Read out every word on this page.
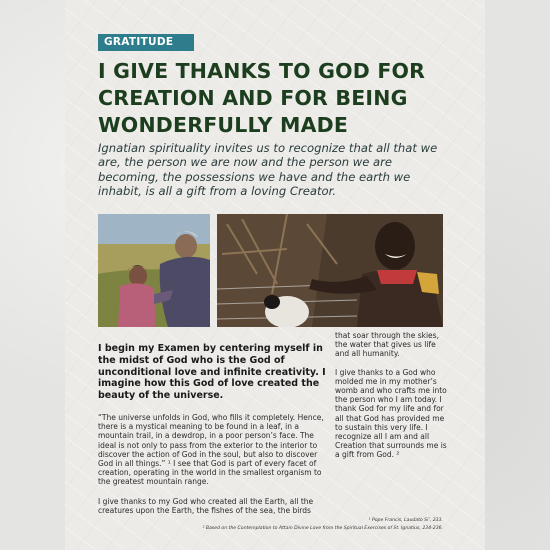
GRATITUDE
I GIVE THANKS TO GOD FOR CREATION AND FOR BEING WONDERFULLY MADE

Ignatian spirituality invites us to recognize that all that we are, the person we are now and the person we are becoming, the possessions we have and the earth we inhabit, is all a gift from a loving Creator.

I begin my Examen by centering myself in the midst of God who is the God of unconditional love and infinite creativity. I imagine how this God of love created the beauty of the universe.

“The universe unfolds in God, who fills it completely. Hence, there is a mystical meaning to be found in a leaf, in a mountain trail, in a dewdrop, in a poor person’s face. The ideal is not only to pass from the exterior to the interior to discover the action of God in the soul, but also to discover God in all things.” ¹ I see that God is part of every facet of creation, operating in the world in the smallest organism to the greatest mountain range.

I give thanks to my God who created all the Earth, all the creatures upon the Earth, the fishes of the sea, the birds

that soar through the skies, the water that gives us life and all humanity.

I give thanks to a God who molded me in my mother’s womb and who crafts me into the person who I am today. I thank God for my life and for all that God has provided me to sustain this very life. I recognize all I am and all Creation that surrounds me is a gift from God. ²

¹ Pope Francis, Laudato Si’, 233.
² Based on the Contemplation to Attain Divine Love from the Spiritual Exercises of St. Ignatius, 234-236.
